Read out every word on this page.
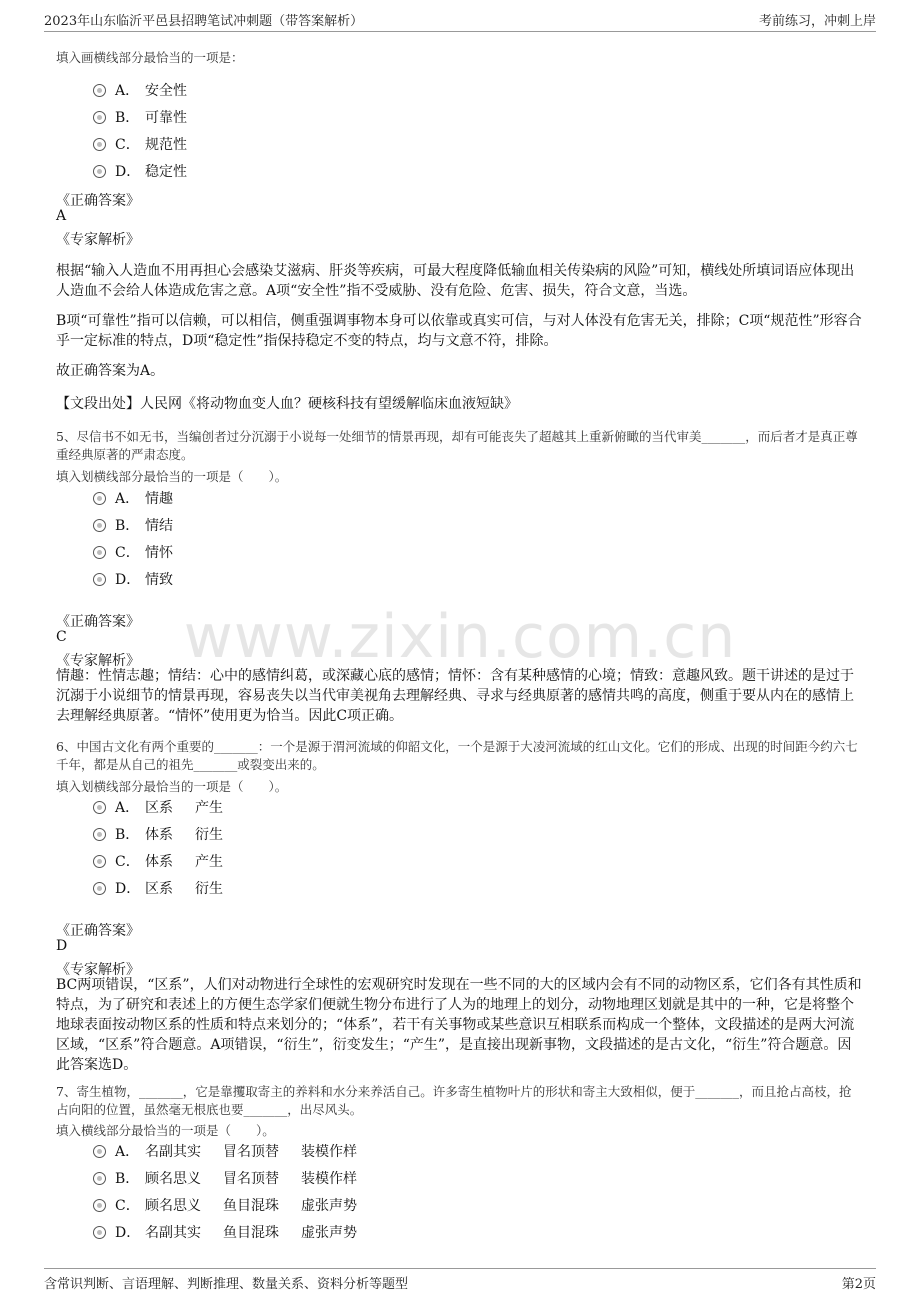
2023年山东临沂平邑县招聘笔试冲刺题（带答案解析）	考前练习，冲刺上岸
www.zixin.com.cn
填入画横线部分最恰当的一项是：
A． 安全性
B． 可靠性
C． 规范性
D． 稳定性
《正确答案》
A
《专家解析》
根据“输入人造血不用再担心会感染艾滋病、肝炎等疾病，可最大程度降低输血相关传染病的风险”可知，横线处所填词语应体现出人造血不会给人体造成危害之意。A项“安全性”指不受威胁、没有危险、危害、损失，符合文意，当选。
B项“可靠性”指可以信赖，可以相信，侧重强调事物本身可以依靠或真实可信，与对人体没有危害无关，排除；C项“规范性”形容合乎一定标准的特点，D项“稳定性”指保持稳定不变的特点，均与文意不符，排除。
故正确答案为A。
【文段出处】人民网《将动物血变人血？硬核科技有望缓解临床血液短缺》
5、尽信书不如无书，当编创者过分沉溺于小说每一处细节的情景再现，却有可能丧失了超越其上重新俯瞰的当代审美_______，而后者才是真正尊重经典原著的严肃态度。
填入划横线部分最恰当的一项是（　　）。
A． 情趣
B． 情结
C． 情怀
D． 情致
《正确答案》
C
《专家解析》
情趣：性情志趣；情结：心中的感情纠葛，或深藏心底的感情；情怀：含有某种感情的心境；情致：意趣风致。题干讲述的是过于沉溺于小说细节的情景再现，容易丧失以当代审美视角去理解经典、寻求与经典原著的感情共鸣的高度，侧重于要从内在的感情上去理解经典原著。“情怀”使用更为恰当。因此C项正确。
6、中国古文化有两个重要的_______：一个是源于渭河流域的仰韶文化，一个是源于大凌河流域的红山文化。它们的形成、出现的时间距今约六七千年，都是从自己的祖先_______或裂变出来的。
填入划横线部分最恰当的一项是（　　）。
A． 区系 产生
B． 体系 衍生
C． 体系 产生
D． 区系 衍生
《正确答案》
D
《专家解析》
BC两项错误，“区系”，人们对动物进行全球性的宏观研究时发现在一些不同的大的区域内会有不同的动物区系，它们各有其性质和特点，为了研究和表述上的方便生态学家们便就生物分布进行了人为的地理上的划分，动物地理区划就是其中的一种，它是将整个地球表面按动物区系的性质和特点来划分的；“体系”，若干有关事物或某些意识互相联系而构成一个整体，文段描述的是两大河流区域，“区系”符合题意。A项错误，“衍生”，衍变发生；“产生”，是直接出现新事物，文段描述的是古文化，“衍生”符合题意。因此答案选D。
7、寄生植物，_______，它是靠攫取寄主的养料和水分来养活自己。许多寄生植物叶片的形状和寄主大致相似，便于_______，而且抢占高枝，抢占向阳的位置，虽然毫无根底也要_______，出尽风头。
填入横线部分最恰当的一项是（　　）。
A． 名副其实 冒名顶替 装模作样
B． 顾名思义 冒名顶替 装模作样
C． 顾名思义 鱼目混珠 虚张声势
D． 名副其实 鱼目混珠 虚张声势
含常识判断、言语理解、判断推理、数量关系、资料分析等题型	第2页
